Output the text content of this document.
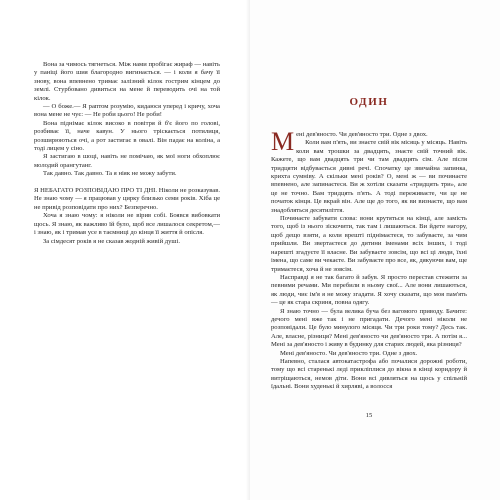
Вона за чимось тягнеться. Між нами пробігає жираф — навіть у паніці його шия благородно вигинається. — і коли я бачу її знову, вона впевнено тримає залізний кілок гострим кінцем до землі. Стурбовано дивиться на мене й переводить очі на той кілок.

— О боже.— Я раптом розумію, кидаюся уперед і кричу, хоча вона мене не чує: — Не роби цього! Не роби!

Вона піднімає кілок високо в повітря й б'є його по голові, розбиває її, наче кавун. У нього тріскається потилиця, розширюються очі, а рот застигає в овалі. Він падає на коліна, а тоді лицем у сіно.

Я застигаю в шоці, навіть не помічаю, як мої ноги обхоплює молодий орангутанг.

Так давно. Так давно. Та я ніяк не можу забути.

Я НЕБАГАТО РОЗПОВІДАЮ ПРО ТІ ДНІ. Ніколи не розказував. Не знаю чому — я працював у цирку близько семи років. Хіба це не привід розповідати про них? Безперечно.

Хоча я знаю чому: я ніколи не вірив собі. Боявся вибовкати щось. Я знаю, як важливо їй було, щоб все лишалося секретом,— і знаю, як і тримав усе в таємниці до кінця її життя й опісля.

За сімдесят років я не сказав жодній живій душі.

ОДИН

Мені дев'яносто. Чи дев'яносто три. Одне з двох.

Коли вам п'ять, ви знаєте свій вік місяць у місяць. Навіть коли вам трошки за двадцять, знаєте свій точний вік. Кажете, що вам двадцять три чи там двадцять сім. Але після тридцяти відбувається дивні речі. Спочатку це звичайна запинка, крихта сумніву. А скільки мені років? О, мені ж — ви починаєте впевнено, але запинаєтеся. Ви ж хотіли сказати «тридцять три», але це не точно. Вам тридцять п'ять. А тоді переживаєте, чи це не початок кінця. Це вкрай він. Але ще до того, як ви визнаєте, що вам знадобляться десятиліття.

Починаєте забувати слова: вони крутяться на кінці, але замість того, щоб із нього зіскочити, так там і лишаються. Ви йдете нагору, щоб дещо взяти, а коли врешті піднімаєтеся, то забуваєте, за чим прийшли. Ви звертаєтеся до дитини іменами всіх інших, і тоді нарешті згадуєте її власне. Ви забуваєте зовсім, що всі ці люди, їхні імена, що саме ви чекаєте. Ви забуваєте про все, як, дякуючи вам, ще тримаєтеся, хоча й не зовсім.

Насправді я не так багато й забув. Я просто перестав стежити за певними речами. Ми перебили в ньому свої... Але вони лишаються, як люди, чиє ім'я я не можу згадати. Я хочу сказати, що моя пам'ять — це як стара скриня, повна одягу.

Я знаю точно — була велика буча без вагомого приводу. Бачите: дечого мені вже так і не пригадати. Дечого мені ніколи не розповідали. Це було минулого місяця. Чи три роки тому? Десь так. Але, власне, різниця? Мені дев'яносто чи дев'яносто три. А потім я... Мені за дев'яносто і живу в будинку для старих людей, яка різниця?

Мені дев'яносто. Чи дев'яносто три. Одне з двох.

Напевно, сталася автокатастрофа або почалися дорожні роботи, тому що всі старенькі леді прикліплися до вікна в кінці коридору й витріщаються, немов діти. Вони всі дивляться на щось у спільній їдальні. Вони худенькі й хирляві, а волосся

15
